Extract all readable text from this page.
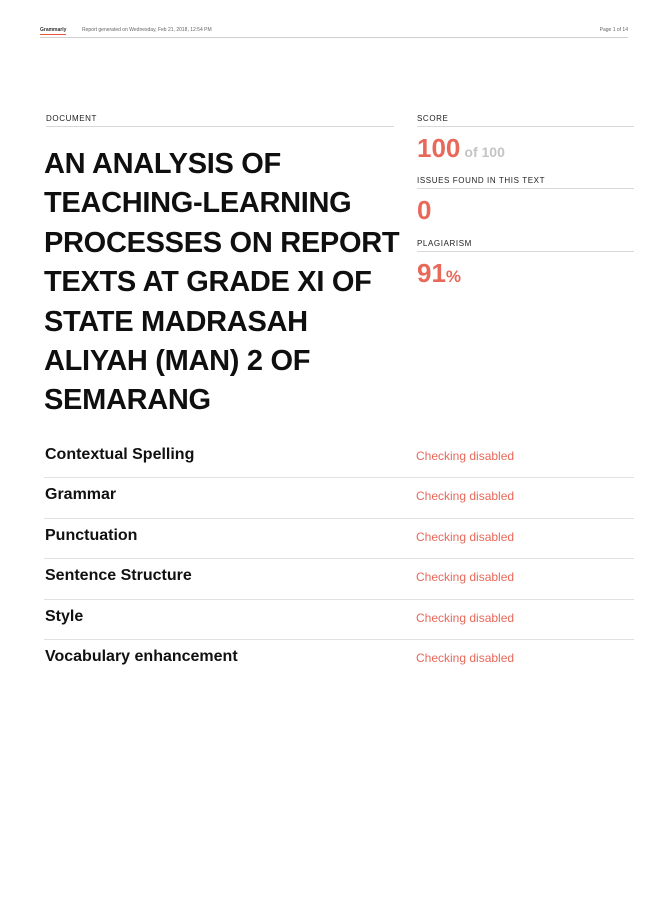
Grammarly	Report generated on Wednesday, Feb 21, 2018, 12:54 PM	Page 1 of 14
DOCUMENT
AN ANALYSIS OF TEACHING-LEARNING PROCESSES ON REPORT TEXTS AT GRADE XI OF STATE MADRASAH ALIYAH (MAN) 2 OF SEMARANG
SCORE
100 of 100
ISSUES FOUND IN THIS TEXT
0
PLAGIARISM
91%
Contextual Spelling	Checking disabled
Grammar	Checking disabled
Punctuation	Checking disabled
Sentence Structure	Checking disabled
Style	Checking disabled
Vocabulary enhancement	Checking disabled
